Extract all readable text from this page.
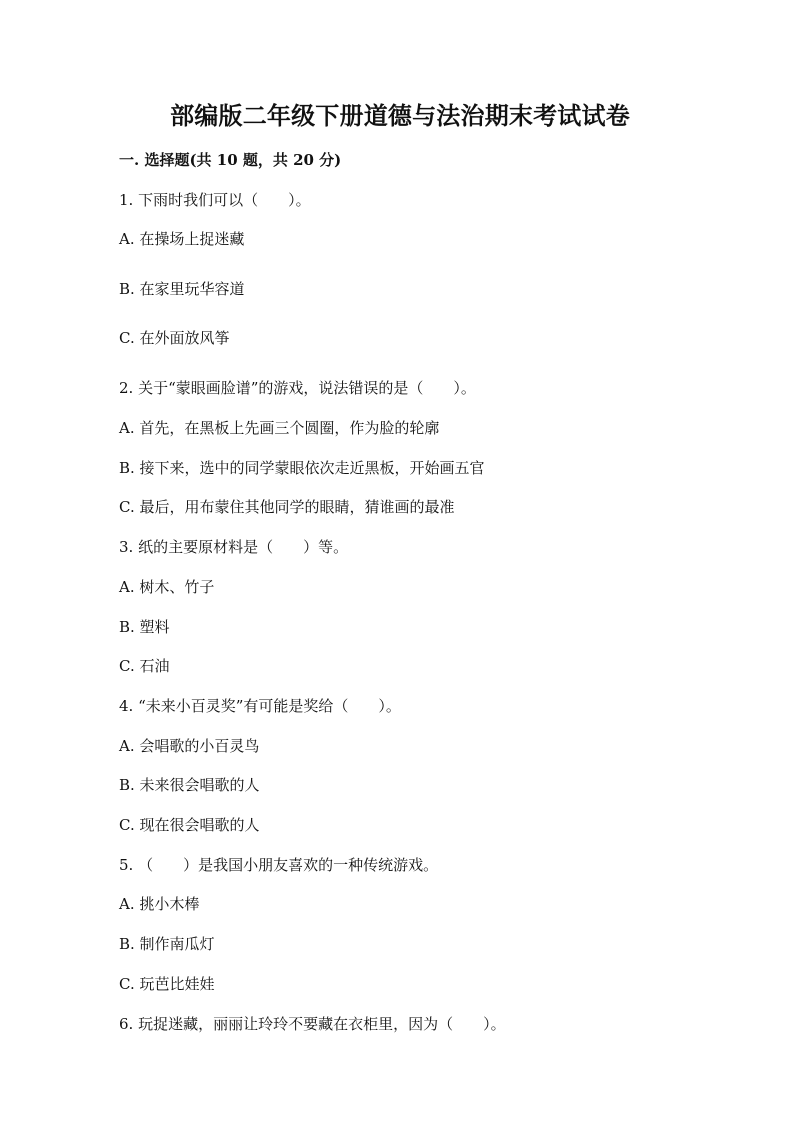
部编版二年级下册道德与法治期末考试试卷
一. 选择题(共 10 题，共 20 分)
1. 下雨时我们可以（　　）。
A. 在操场上捉迷藏
B. 在家里玩华容道
C. 在外面放风筝
2. 关于“蒙眼画脸谱”的游戏，说法错误的是（　　）。
A. 首先，在黑板上先画三个圆圈，作为脸的轮廓
B. 接下来，选中的同学蒙眼依次走近黑板，开始画五官
C. 最后，用布蒙住其他同学的眼睛，猜谁画的最准
3. 纸的主要原材料是（　　）等。
A. 树木、竹子
B. 塑料
C. 石油
4. “未来小百灵奖”有可能是奖给（　　）。
A. 会唱歌的小百灵鸟
B. 未来很会唱歌的人
C. 现在很会唱歌的人
5. （　　）是我国小朋友喜欢的一种传统游戏。
A. 挑小木棒
B. 制作南瓜灯
C. 玩芭比娃娃
6. 玩捉迷藏，丽丽让玲玲不要藏在衣柜里，因为（　　）。
